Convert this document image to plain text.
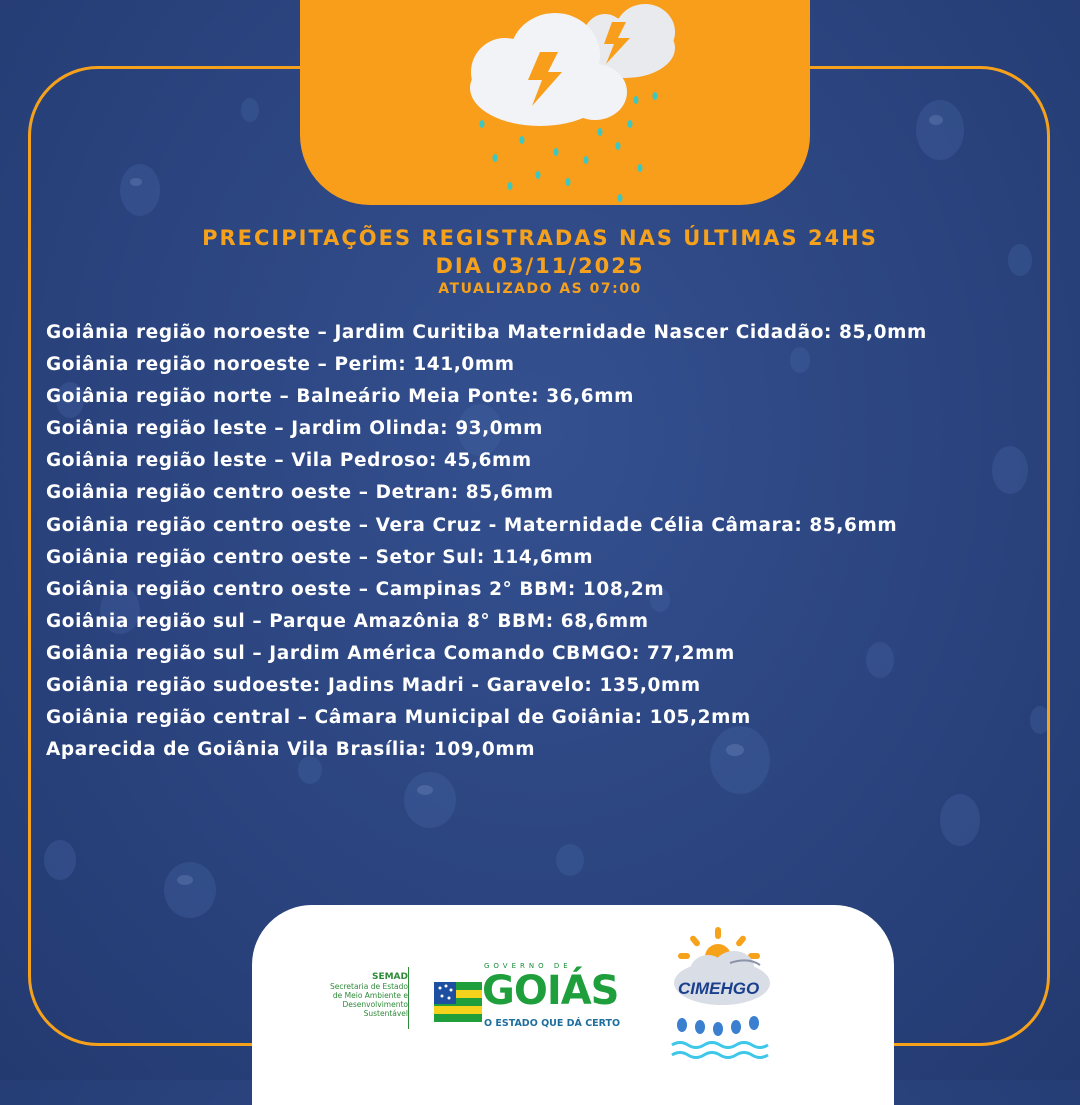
PRECIPITAÇÕES REGISTRADAS NAS ÚLTIMAS 24HS
DIA 03/11/2025
ATUALIZADO AS 07:00
Goiânia região noroeste – Jardim Curitiba Maternidade Nascer Cidadão: 85,0mm
Goiânia região noroeste – Perim: 141,0mm
Goiânia região norte – Balneário Meia Ponte: 36,6mm
Goiânia região leste – Jardim Olinda: 93,0mm
Goiânia região leste – Vila Pedroso: 45,6mm
Goiânia região centro oeste – Detran: 85,6mm
Goiânia região centro oeste – Vera Cruz - Maternidade Célia Câmara: 85,6mm
Goiânia região centro oeste – Setor Sul: 114,6mm
Goiânia região centro oeste – Campinas 2° BBM: 108,2m
Goiânia região sul – Parque Amazônia 8° BBM: 68,6mm
Goiânia região sul – Jardim América Comando CBMGO: 77,2mm
Goiânia região sudoeste: Jadins Madri - Garavelo: 135,0mm
Goiânia região central – Câmara Municipal de Goiânia: 105,2mm
Aparecida de Goiânia Vila Brasília: 109,0mm
SEMAD
Secretaria de Estado
de Meio Ambiente e
Desenvolvimento
Sustentável
GOVERNO DE
GOIÁS
O ESTADO QUE DÁ CERTO
CIMEHGO
